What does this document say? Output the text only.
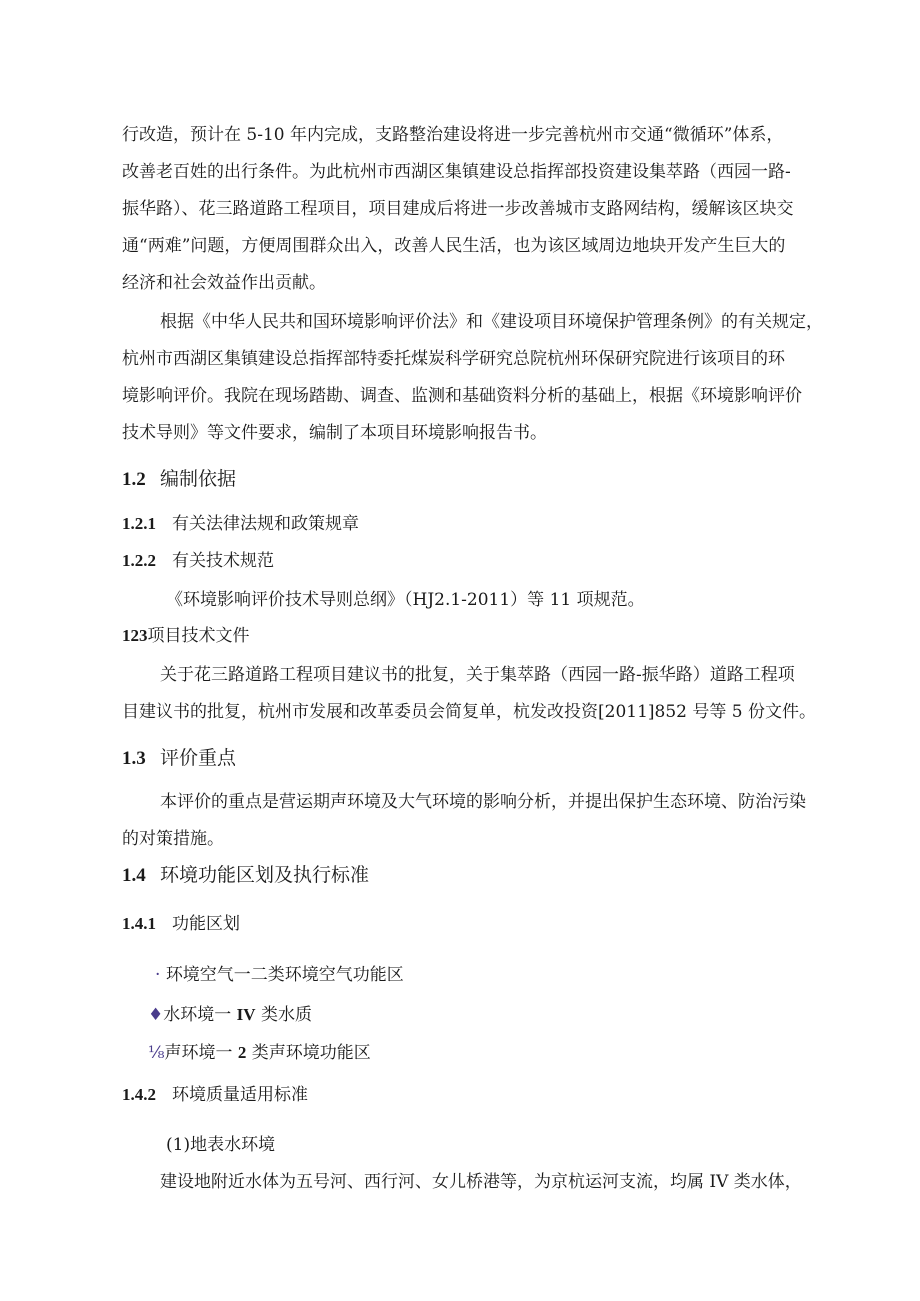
行改造，预计在 5-10 年内完成，支路整治建设将进一步完善杭州市交通“微循环”体系，
改善老百姓的出行条件。为此杭州市西湖区集镇建设总指挥部投资建设集萃路（西园一路-
振华路）、花三路道路工程项目，项目建成后将进一步改善城市支路网结构，缓解该区块交
通“两难”问题，方便周围群众出入，改善人民生活，也为该区域周边地块开发产生巨大的
经济和社会效益作出贡献。
根据《中华人民共和国环境影响评价法》和《建设项目环境保护管理条例》的有关规定，
杭州市西湖区集镇建设总指挥部特委托煤炭科学研究总院杭州环保研究院进行该项目的环
境影响评价。我院在现场踏勘、调查、监测和基础资料分析的基础上，根据《环境影响评价
技术导则》等文件要求，编制了本项目环境影响报告书。
1.2 编制依据
1.2.1 有关法律法规和政策规章
1.2.2 有关技术规范
《环境影响评价技术导则总纲》（HJ2.1-2011）等 11 项规范。
123项目技术文件
关于花三路道路工程项目建议书的批复，关于集萃路（西园一路-振华路）道路工程项
目建议书的批复，杭州市发展和改革委员会简复单，杭发改投资[2011]852 号等 5 份文件。
1.3 评价重点
本评价的重点是营运期声环境及大气环境的影响分析，并提出保护生态环境、防治污染
的对策措施。
1.4 环境功能区划及执行标准
1.4.1 功能区划
· 环境空气一二类环境空气功能区
♦水环境一 IV 类水质
⅛声环境一 2 类声环境功能区
1.4.2 环境质量适用标准
(1)地表水环境
建设地附近水体为五号河、西行河、女儿桥港等，为京杭运河支流，均属 IV 类水体，
